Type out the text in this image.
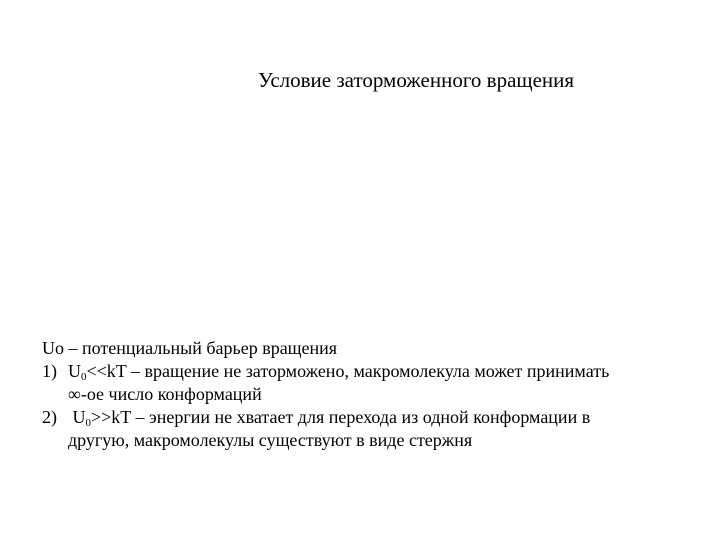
Условие заторможенного вращения
Uo – потенциальный барьер вращения
1) $U_0<<kT$ – вращение не заторможено, макромолекула может принимать
∞-ое число конформаций
2) $U_0>>kT$ – энергии не хватает для перехода из одной конформации в
другую, макромолекулы существуют в виде стержня
